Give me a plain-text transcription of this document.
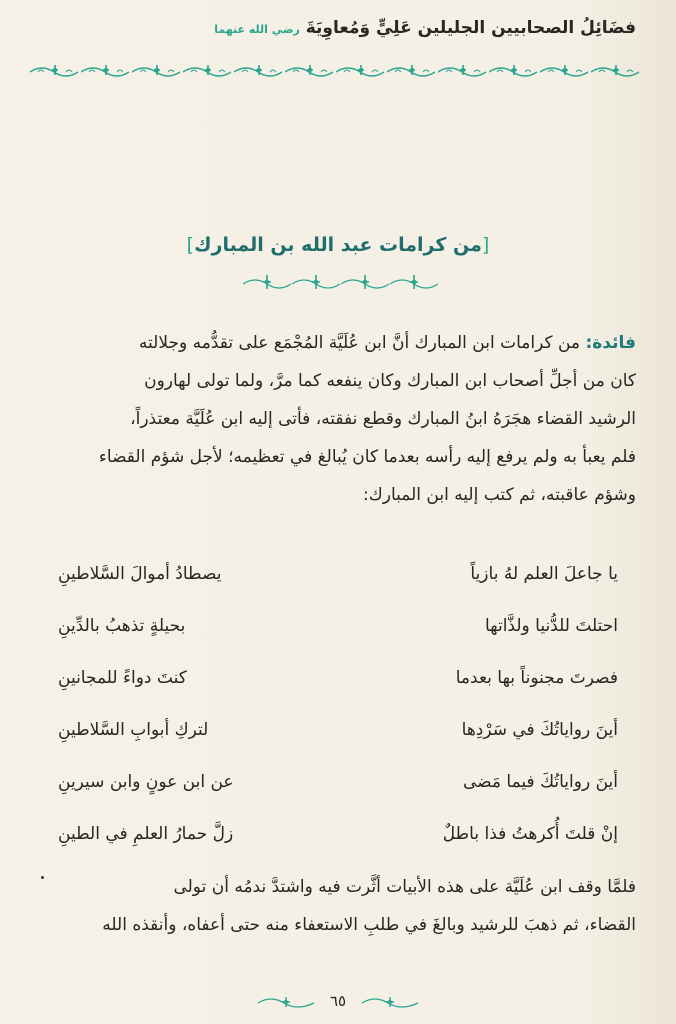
فضَائِلُ الصحابيين الجليلين عَلِيٍّ وَمُعاوِيَةَ رضي الله عنهما
[من كرامات عبد الله بن المبارك]
فائدة: من كرامات ابن المبارك أنَّ ابن عُلَيَّة المُجْمَع على تقدُّمه وجلالته
كان من أجلِّ أصحاب ابن المبارك وكان ينفعه كما مرَّ، ولما تولى لهارون
الرشيد القضاء هجَرَهُ ابنُ المبارك وقطع نفقته، فأتى إليه ابن عُلَيَّة معتذراً،
فلم يعبأ به ولم يرفع إليه رأسه بعدما كان يُبالغ في تعظيمه؛ لأجل شؤم القضاء
وشؤم عاقبته، ثم كتب إليه ابن المبارك:
يا جاعلَ العلم لهُ بازياً
يصطادُ أموالَ السَّلاطينِ
احتلتَ للدُّنيا ولذَّاتها
بحيلةٍ تذهبُ بالدِّينِ
فصرتَ مجنوناً بها بعدما
كنتَ دواءً للمجانينِ
أينَ رواياتُكَ في سَرْدِها
لتركِ أبوابِ السَّلاطينِ
أينَ رواياتُكَ فيما مَضى
عن ابن عونٍ وابن سيرينِ
إنْ قلتَ أُكرهتُ فذا باطلٌ
زلَّ حمارُ العلمِ في الطينِ
فلمَّا وقف ابن عُلَيَّة على هذه الأبيات أثَّرت فيه واشتدَّ ندمُه أن تولى
القضاء، ثم ذهبَ للرشيد وبالغَ في طلبِ الاستعفاء منه حتى أعفاه، وأنقذه الله
٦٥
